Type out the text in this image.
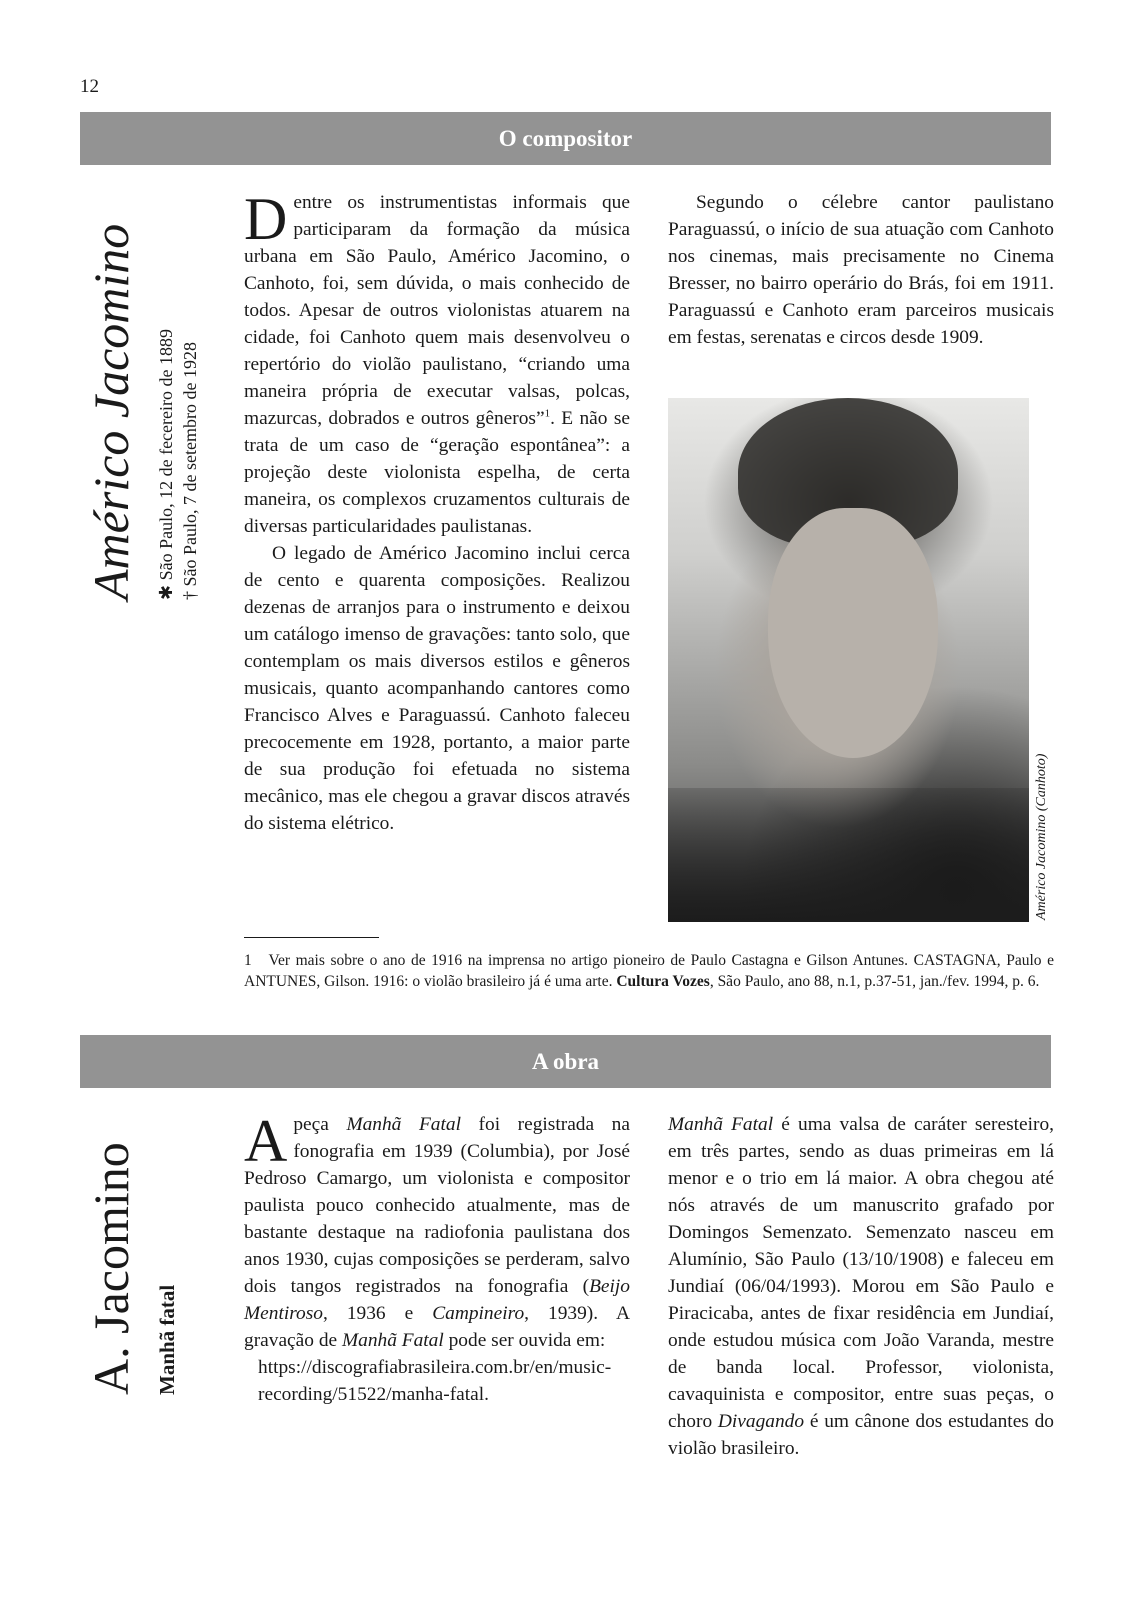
12
O compositor
Américo Jacomino ✱ São Paulo, 12 de fecereiro de 1889 † São Paulo, 7 de setembro de 1928

Dentre os instrumentistas informais que participaram da formação da música urbana em São Paulo, Américo Jacomino, o Canhoto, foi, sem dúvida, o mais conhecido de todos. Apesar de outros violonistas atuarem na cidade, foi Canhoto quem mais desenvolveu o repertório do violão paulistano, “criando uma maneira própria de executar valsas, polcas, mazurcas, dobrados e outros gêneros”$^1$. E não se trata de um caso de “geração espontânea”: a projeção deste violonista espelha, de certa maneira, os complexos cruzamentos culturais de diversas particularidades paulistanas.

O legado de Américo Jacomino inclui cerca de cento e quarenta composições. Realizou dezenas de arranjos para o instrumento e deixou um catálogo imenso de gravações: tanto solo, que contemplam os mais diversos estilos e gêneros musicais, quanto acompanhando cantores como Francisco Alves e Paraguassú. Canhoto faleceu precocemente em 1928, portanto, a maior parte de sua produção foi efetuada no sistema mecânico, mas ele chegou a gravar discos através do sistema elétrico.

Segundo o célebre cantor paulistano Paraguassú, o início de sua atuação com Canhoto nos cinemas, mais precisamente no Cinema Bresser, no bairro operário do Brás, foi em 1911. Paraguassú e Canhoto eram parceiros musicais em festas, serenatas e circos desde 1909.

Américo Jacomino (Canhoto)
1 Ver mais sobre o ano de 1916 na imprensa no artigo pioneiro de Paulo Castagna e Gilson Antunes. CASTAGNA, Paulo e ANTUNES, Gilson. 1916: o violão brasileiro já é uma arte. Cultura Vozes, São Paulo, ano 88, n.1, p.37-51, jan./fev. 1994, p. 6.
A obra
A. Jacomino Manhã fatal

A peça Manhã Fatal foi registrada na fonografia em 1939 (Columbia), por José Pedroso Camargo, um violonista e compositor paulista pouco conhecido atualmente, mas de bastante destaque na radiofonia paulistana dos anos 1930, cujas composições se perderam, salvo dois tangos registrados na fonografia (Beijo Mentiroso, 1936 e Campineiro, 1939). A gravação de Manhã Fatal pode ser ouvida em:

https://discografiabrasileira.com.br/en/music-recording/51522/manha-fatal.

Manhã Fatal é uma valsa de caráter seresteiro, em três partes, sendo as duas primeiras em lá menor e o trio em lá maior. A obra chegou até nós através de um manuscrito grafado por Domingos Semenzato. Semenzato nasceu em Alumínio, São Paulo (13/10/1908) e faleceu em Jundiaí (06/04/1993). Morou em São Paulo e Piracicaba, antes de fixar residência em Jundiaí, onde estudou música com João Varanda, mestre de banda local. Professor, violonista, cavaquinista e compositor, entre suas peças, o choro Divagando é um cânone dos estudantes do violão brasileiro.
